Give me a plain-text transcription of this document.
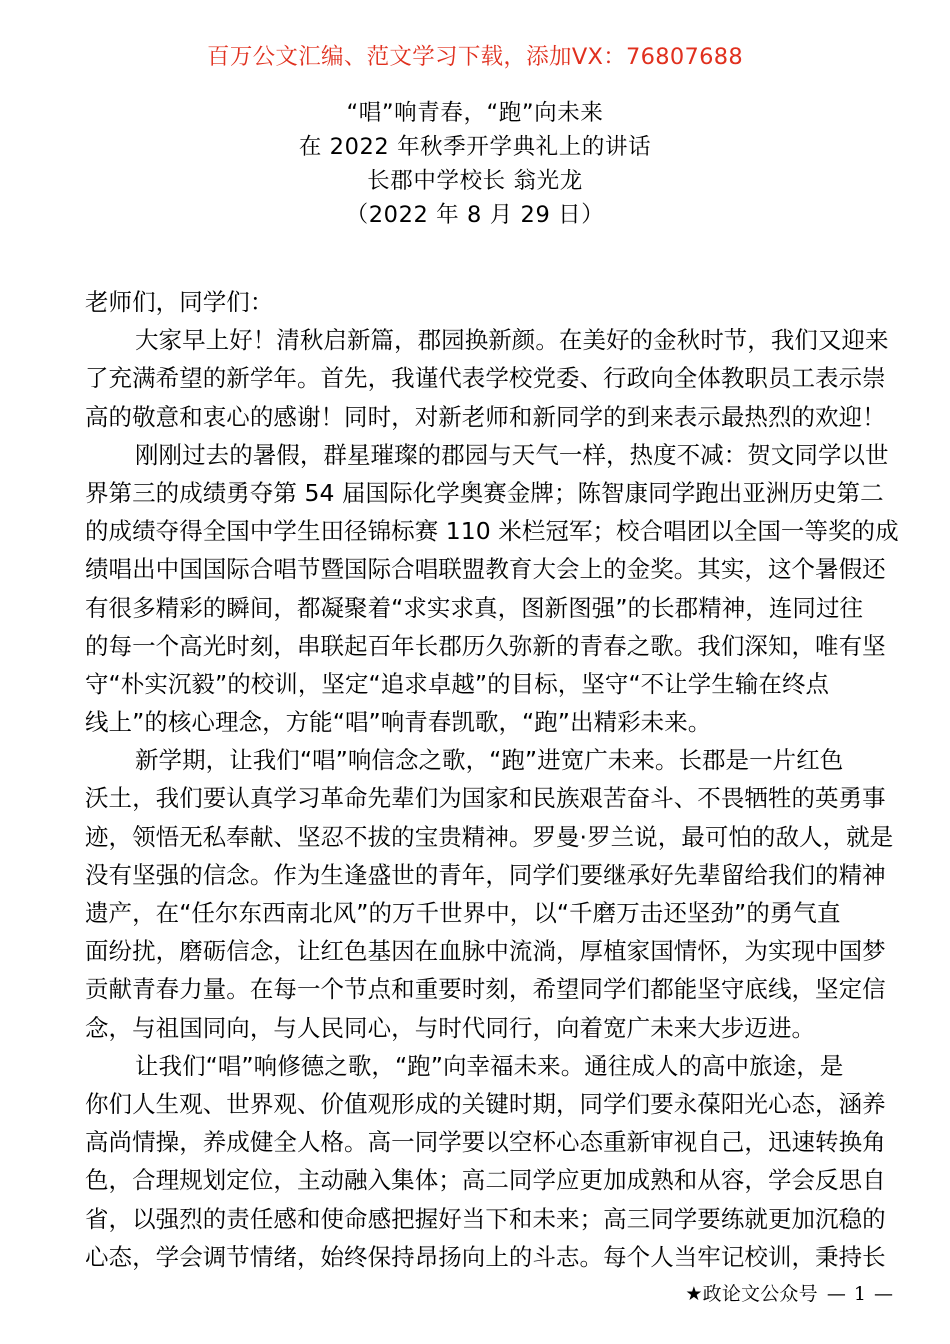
百万公文汇编、范文学习下载，添加VX：76807688
“唱”响青春，“跑”向未来
在 2022 年秋季开学典礼上的讲话
长郡中学校长 翁光龙
（2022 年 8 月 29 日）
老师们，同学们：
大家早上好！清秋启新篇，郡园换新颜。在美好的金秋时节，我们又迎来
了充满希望的新学年。首先，我谨代表学校党委、行政向全体教职员工表示崇
高的敬意和衷心的感谢！同时，对新老师和新同学的到来表示最热烈的欢迎！
刚刚过去的暑假，群星璀璨的郡园与天气一样，热度不减：贺文同学以世
界第三的成绩勇夺第 54 届国际化学奥赛金牌；陈智康同学跑出亚洲历史第二
的成绩夺得全国中学生田径锦标赛 110 米栏冠军；校合唱团以全国一等奖的成
绩唱出中国国际合唱节暨国际合唱联盟教育大会上的金奖。其实，这个暑假还
有很多精彩的瞬间，都凝聚着“求实求真，图新图强”的长郡精神，连同过往
的每一个高光时刻，串联起百年长郡历久弥新的青春之歌。我们深知，唯有坚
守“朴实沉毅”的校训，坚定“追求卓越”的目标，坚守“不让学生输在终点
线上”的核心理念，方能“唱”响青春凯歌，“跑”出精彩未来。
新学期，让我们“唱”响信念之歌，“跑”进宽广未来。长郡是一片红色
沃土，我们要认真学习革命先辈们为国家和民族艰苦奋斗、不畏牺牲的英勇事
迹，领悟无私奉献、坚忍不拔的宝贵精神。罗曼·罗兰说，最可怕的敌人，就是
没有坚强的信念。作为生逢盛世的青年，同学们要继承好先辈留给我们的精神
遗产，在“任尔东西南北风”的万千世界中，以“千磨万击还坚劲”的勇气直
面纷扰，磨砺信念，让红色基因在血脉中流淌，厚植家国情怀，为实现中国梦
贡献青春力量。在每一个节点和重要时刻，希望同学们都能坚守底线，坚定信
念，与祖国同向，与人民同心，与时代同行，向着宽广未来大步迈进。
让我们“唱”响修德之歌，“跑”向幸福未来。通往成人的高中旅途，是
你们人生观、世界观、价值观形成的关键时期，同学们要永葆阳光心态，涵养
高尚情操，养成健全人格。高一同学要以空杯心态重新审视自己，迅速转换角
色，合理规划定位，主动融入集体；高二同学应更加成熟和从容，学会反思自
省，以强烈的责任感和使命感把握好当下和未来；高三同学要练就更加沉稳的
心态，学会调节情绪，始终保持昂扬向上的斗志。每个人当牢记校训，秉持长
★政论文公众号 — 1 —
